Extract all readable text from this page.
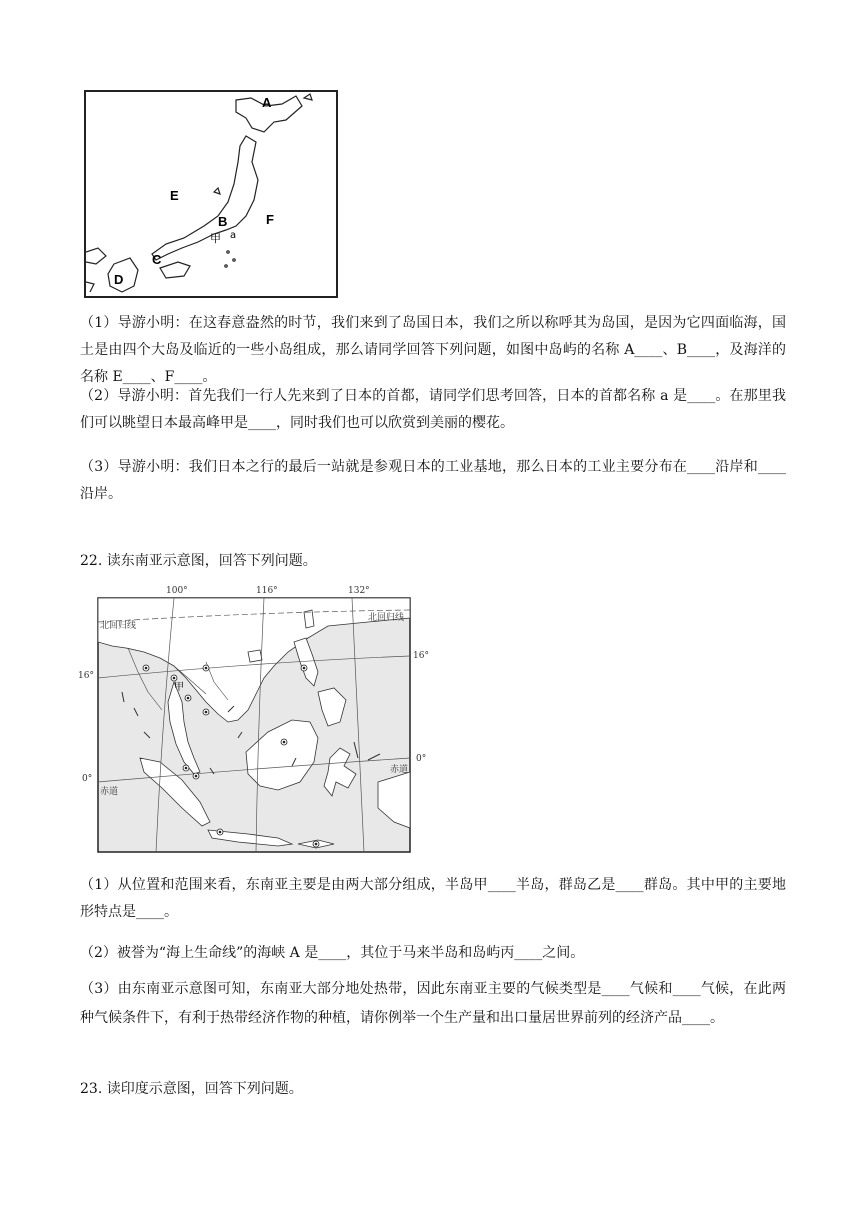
A
B
C
D
E
F
甲 a
（1）导游小明：在这春意盎然的时节，我们来到了岛国日本，我们之所以称呼其为岛国，是因为它四面临海，国土是由四个大岛及临近的一些小岛组成，那么请同学回答下列问题，如图中岛屿的名称 A____、B____，及海洋的名称 E____、F____。
（2）导游小明：首先我们一行人先来到了日本的首都，请同学们思考回答，日本的首都名称 a 是____。在那里我们可以眺望日本最高峰甲是____，同时我们也可以欣赏到美丽的樱花。
（3）导游小明：我们日本之行的最后一站就是参观日本的工业基地，那么日本的工业主要分布在____沿岸和____沿岸。
22. 读东南亚示意图，回答下列问题。
100°	116°	132°
16°
0°
16°
0°
北回归线
北回归线
赤道
赤道
甲
（1）从位置和范围来看，东南亚主要是由两大部分组成，半岛甲____半岛，群岛乙是____群岛。其中甲的主要地形特点是____。
（2）被誉为“海上生命线”的海峡 A 是____，其位于马来半岛和岛屿丙____之间。
（3）由东南亚示意图可知，东南亚大部分地处热带，因此东南亚主要的气候类型是____气候和____气候，在此两种气候条件下，有利于热带经济作物的种植，请你例举一个生产量和出口量居世界前列的经济产品____。
23. 读印度示意图，回答下列问题。
